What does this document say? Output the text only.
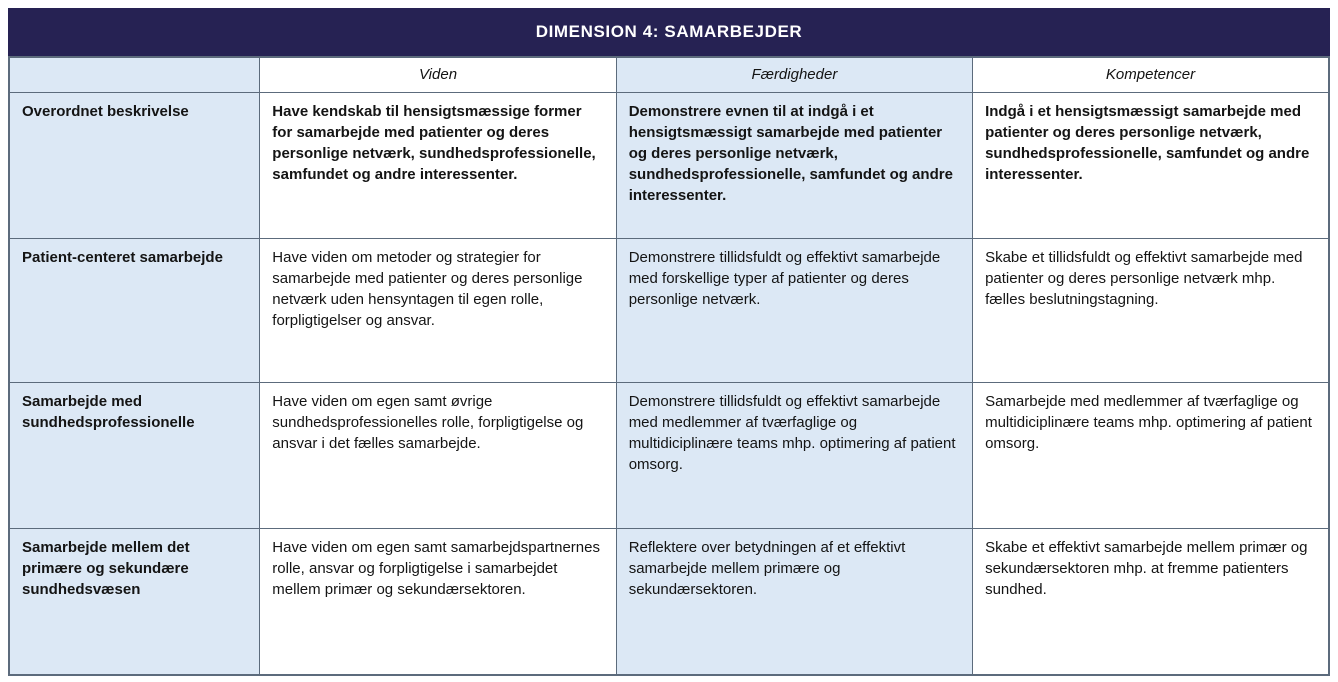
DIMENSION 4: SAMARBEJDER
	Viden	Færdigheder	Kompetencer
Overordnet beskrivelse	Have kendskab til hensigtsmæssige former for samarbejde med patienter og deres personlige netværk, sundhedsprofessionelle, samfundet og andre interessenter.	Demonstrere evnen til at indgå i et hensigtsmæssigt samarbejde med patienter og deres personlige netværk, sundhedsprofessionelle, samfundet og andre interessenter.	Indgå i et hensigtsmæssigt samarbejde med patienter og deres personlige netværk, sundhedsprofessionelle, samfundet og andre interessenter.
Patient-centeret samarbejde	Have viden om metoder og strategier for samarbejde med patienter og deres personlige netværk uden hensyntagen til egen rolle, forpligtigelser og ansvar.	Demonstrere tillidsfuldt og effektivt samarbejde med forskellige typer af patienter og deres personlige netværk.	Skabe et tillidsfuldt og effektivt samarbejde med patienter og deres personlige netværk mhp. fælles beslutningstagning.
Samarbejde med sundhedsprofessionelle	Have viden om egen samt øvrige sundhedsprofessionelles rolle, forpligtigelse og ansvar i det fælles samarbejde.	Demonstrere tillidsfuldt og effektivt samarbejde med medlemmer af tværfaglige og multidiciplinære teams mhp. optimering af patient omsorg.	Samarbejde med medlemmer af tværfaglige og multidiciplinære teams mhp. optimering af patient omsorg.
Samarbejde mellem det primære og sekundære sundhedsvæsen	Have viden om egen samt samarbejdspartnernes rolle, ansvar og forpligtigelse i samarbejdet mellem primær og sekundærsektoren.	Reflektere over betydningen af et effektivt samarbejde mellem primære og sekundærsektoren.	Skabe et effektivt samarbejde mellem primær og sekundærsektoren mhp. at fremme patienters sundhed.
